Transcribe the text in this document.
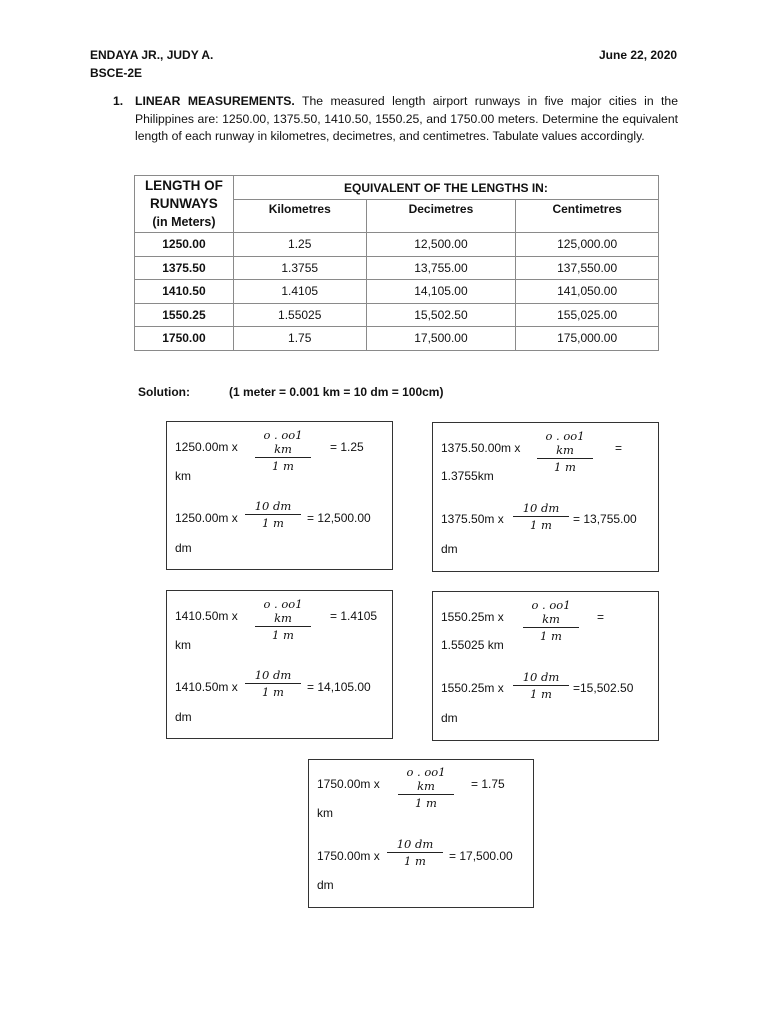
ENDAYA JR., JUDY A.
BSCE-2E
June 22, 2020
1. LINEAR MEASUREMENTS. The measured length airport runways in five major cities in the Philippines are: 1250.00, 1375.50, 1410.50, 1550.25, and 1750.00 meters. Determine the equivalent length of each runway in kilometres, decimetres, and centimetres. Tabulate values accordingly.
LENGTH OF
RUNWAYS
(in Meters)	EQUIVALENT OF THE LENGTHS IN:		
	Kilometres	Decimetres	Centimetres
1250.00	1.25	12,500.00	125,000.00
1375.50	1.3755	13,755.00	137,550.00
1410.50	1.4105	14,105.00	141,050.00
1550.25	1.55025	15,502.50	155,025.00
1750.00	1.75	17,500.00	175,000.00
Solution:	(1 meter = 0.001 km = 10 dm = 100cm)
1250.00m x $\frac{o . oo1 km}{1 m} = 1.25$
km
1250.00m x $\frac{10 dm}{1 m} = 12,500.00$
dm
1375.50.00m x $\frac{o . oo1 km}{1 m}$ =
1.3755km
1375.50m x $\frac{10 dm}{1 m} = 13,755.00$
dm
1410.50m x $\frac{o . oo1 km}{1 m} = 1.4105$
km
1410.50m x $\frac{10 dm}{1 m} = 14,105.00$
dm
1550.25m x $\frac{o . oo1 km}{1 m}$ =
1.55025 km
1550.25m x $\frac{10 dm}{1 m} =15,502.50$
dm
1750.00m x $\frac{o . oo1 km}{1 m} = 1.75$
km
1750.00m x $\frac{10 dm}{1 m} = 17,500.00$
dm
